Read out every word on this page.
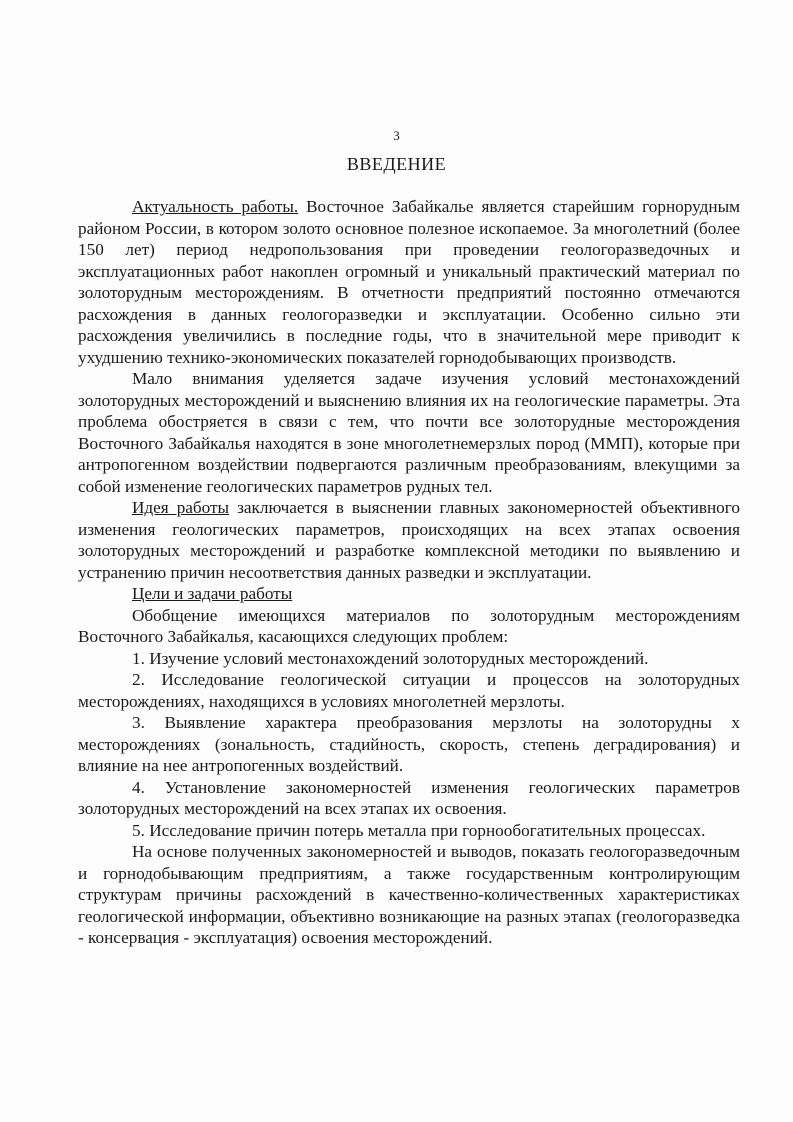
3
ВВЕДЕНИЕ

Актуальность работы. Восточное Забайкалье является старейшим горнорудным районом России, в котором золото основное полезное ископаемое. За многолетний (более 150 лет) период недропользования при проведении геологоразведочных и эксплуатационных работ накоплен огромный и уникальный практический материал по золоторудным месторождениям. В отчетности предприятий постоянно отмечаются расхождения в данных геологоразведки и эксплуатации. Особенно сильно эти расхождения увеличились в последние годы, что в значительной мере приводит к ухудшению технико-экономических показателей горнодобывающих производств.

Мало внимания уделяется задаче изучения условий местонахождений золоторудных месторождений и выяснению влияния их на геологические параметры. Эта проблема обостряется в связи с тем, что почти все золоторудные месторождения Восточного Забайкалья находятся в зоне многолетнемерзлых пород (ММП), которые при антропогенном воздействии подвергаются различным преобразованиям, влекущими за собой изменение геологических параметров рудных тел.

Идея работы заключается в выяснении главных закономерностей объективного изменения геологических параметров, происходящих на всех этапах освоения золоторудных месторождений и разработке комплексной методики по выявлению и устранению причин несоответствия данных разведки и эксплуатации.

Цели и задачи работы

Обобщение имеющихся материалов по золоторудным месторождениям Восточного Забайкалья, касающихся следующих проблем:

1. Изучение условий местонахождений золоторудных месторождений.

2. Исследование геологической ситуации и процессов на золоторудных месторождениях, находящихся в условиях многолетней мерзлоты.

3. Выявление характера преобразования мерзлоты на золоторудны х месторождениях (зональность, стадийность, скорость, степень деградирования) и влияние на нее антропогенных воздействий.

4. Установление закономерностей изменения геологических параметров золоторудных месторождений на всех этапах их освоения.

5. Исследование причин потерь металла при горнообогатительных процессах.

На основе полученных закономерностей и выводов, показать геологоразведочным и горнодобывающим предприятиям, а также государственным контролирующим структурам причины расхождений в качественно-количественных характеристиках геологической информации, объективно возникающие на разных этапах (геологоразведка - консервация - эксплуатация) освоения месторождений.
